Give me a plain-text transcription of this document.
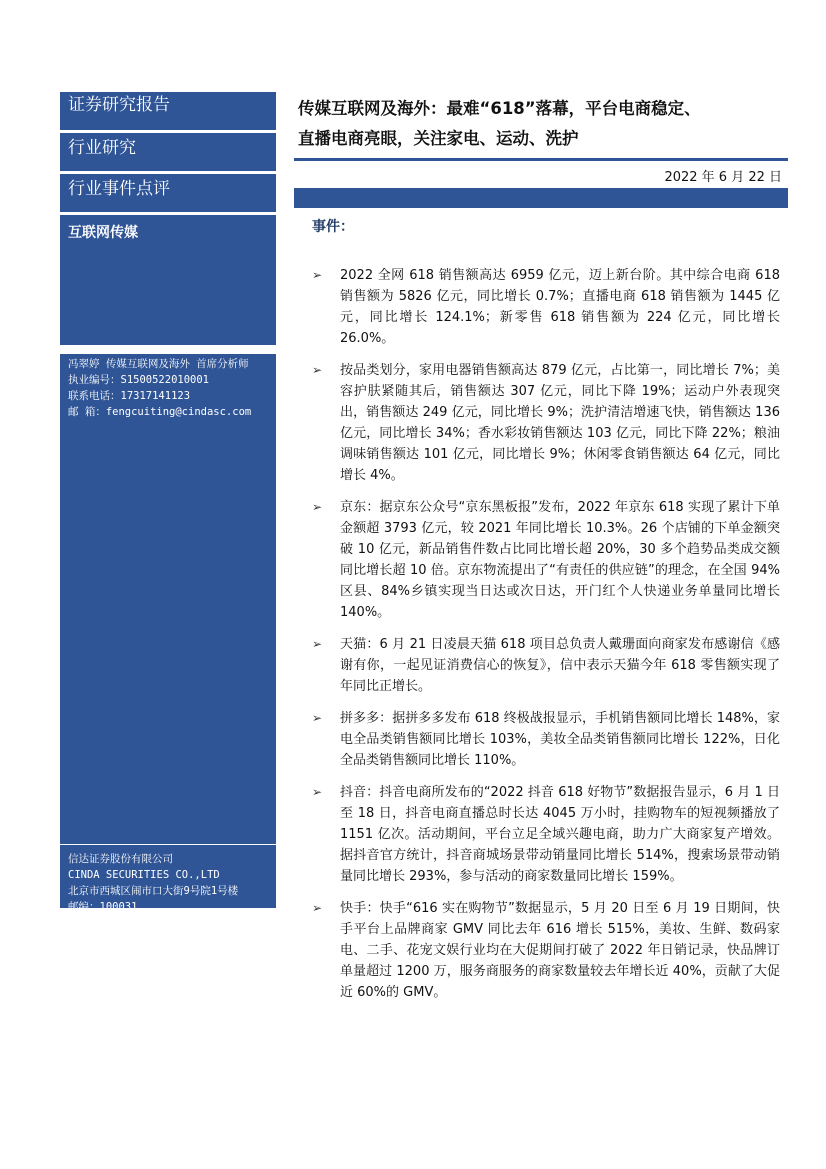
证券研究报告
行业研究
行业事件点评
互联网传媒
冯翠婷 传媒互联网及海外 首席分析师
执业编号：S1500522010001
联系电话：17317141123
邮 箱：fengcuiting@cindasc.com
信达证券股份有限公司
CINDA SECURITIES CO.,LTD
北京市西城区闹市口大街9号院1号楼
邮编：100031
传媒互联网及海外：最难“618”落幕，平台电商稳定、
直播电商亮眼，关注家电、运动、洗护
2022 年 6 月 22 日
事件：
➢ 2022 全网 618 销售额高达 6959 亿元，迈上新台阶。其中综合电商 618 销售额为 5826 亿元，同比增长 0.7%；直播电商 618 销售额为 1445 亿元，同比增长 124.1%；新零售 618 销售额为 224 亿元，同比增长 26.0%。
➢ 按品类划分，家用电器销售额高达 879 亿元，占比第一，同比增长 7%；美容护肤紧随其后，销售额达 307 亿元，同比下降 19%；运动户外表现突出，销售额达 249 亿元，同比增长 9%；洗护清洁增速飞快，销售额达 136 亿元，同比增长 34%；香水彩妆销售额达 103 亿元，同比下降 22%；粮油调味销售额达 101 亿元，同比增长 9%；休闲零食销售额达 64 亿元，同比增长 4%。
➢ 京东：据京东公众号“京东黑板报”发布，2022 年京东 618 实现了累计下单金额超 3793 亿元，较 2021 年同比增长 10.3%。26 个店铺的下单金额突破 10 亿元，新品销售件数占比同比增长超 20%，30 多个趋势品类成交额同比增长超 10 倍。京东物流提出了“有责任的供应链”的理念，在全国 94%区县、84%乡镇实现当日达或次日达，开门红个人快递业务单量同比增长 140%。
➢ 天猫：6 月 21 日凌晨天猫 618 项目总负责人戴珊面向商家发布感谢信《感谢有你，一起见证消费信心的恢复》，信中表示天猫今年 618 零售额实现了年同比正增长。
➢ 拼多多：据拼多多发布 618 终极战报显示，手机销售额同比增长 148%，家电全品类销售额同比增长 103%，美妆全品类销售额同比增长 122%，日化全品类销售额同比增长 110%。
➢ 抖音：抖音电商所发布的“2022 抖音 618 好物节”数据报告显示，6 月 1 日至 18 日，抖音电商直播总时长达 4045 万小时，挂购物车的短视频播放了 1151 亿次。活动期间，平台立足全域兴趣电商，助力广大商家复产增效。据抖音官方统计，抖音商城场景带动销量同比增长 514%，搜索场景带动销量同比增长 293%，参与活动的商家数量同比增长 159%。
➢ 快手：快手“616 实在购物节”数据显示，5 月 20 日至 6 月 19 日期间，快手平台上品牌商家 GMV 同比去年 616 增长 515%，美妆、生鲜、数码家电、二手、花宠文娱行业均在大促期间打破了 2022 年日销记录，快品牌订单量超过 1200 万，服务商服务的商家数量较去年增长近 40%，贡献了大促近 60%的 GMV。
